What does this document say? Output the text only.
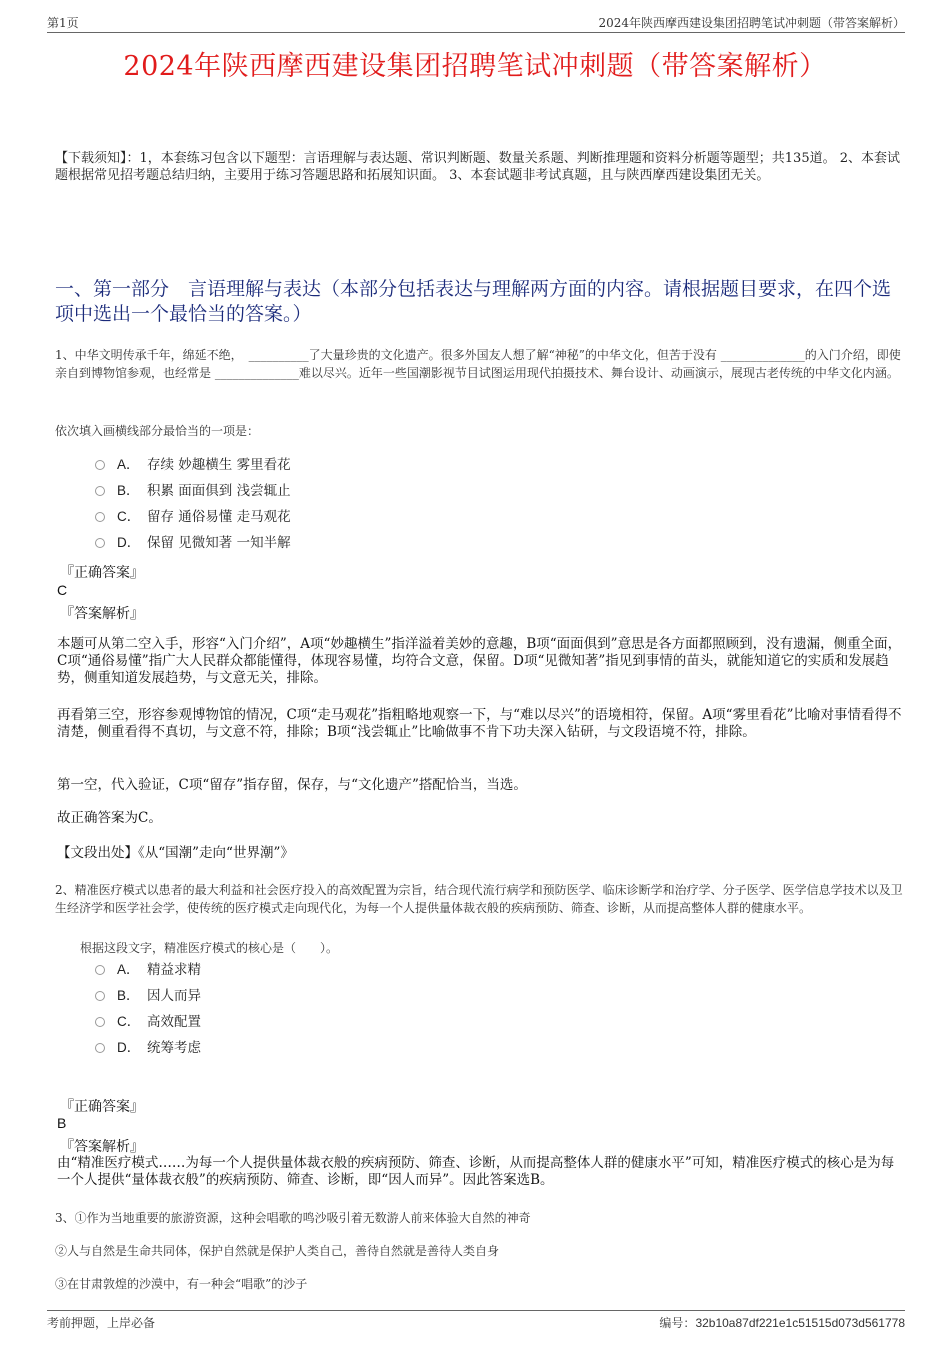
第1页	2024年陕西摩西建设集团招聘笔试冲刺题（带答案解析）
2024年陕西摩西建设集团招聘笔试冲刺题（带答案解析）
【下载须知】：1，本套练习包含以下题型：言语理解与表达题、常识判断题、数量关系题、判断推理题和资料分析题等题型；共135道。 2、本套试题根据常见招考题总结归纳，主要用于练习答题思路和拓展知识面。 3、本套试题非考试真题，且与陕西摩西建设集团无关。
一、第一部分　言语理解与表达（本部分包括表达与理解两方面的内容。请根据题目要求，在四个选项中选出一个最恰当的答案。）
1、中华文明传承千年，绵延不绝，　__________了大量珍贵的文化遗产。很多外国友人想了解“神秘”的中华文化，但苦于没有 ______________的入门介绍，即使亲自到博物馆参观，也经常是 ______________难以尽兴。近年一些国潮影视节目试图运用现代拍摄技术、舞台设计、动画演示，展现古老传统的中华文化内涵。
依次填入画横线部分最恰当的一项是：
A． 存续 妙趣横生 雾里看花
B． 积累 面面俱到 浅尝辄止
C． 留存 通俗易懂 走马观花
D． 保留 见微知著 一知半解
『正确答案』
C
『答案解析』
本题可从第二空入手，形容“入门介绍”，A项“妙趣横生”指洋溢着美妙的意趣，B项“面面俱到”意思是各方面都照顾到，没有遗漏，侧重全面，C项“通俗易懂”指广大人民群众都能懂得，体现容易懂，均符合文意，保留。D项“见微知著”指见到事情的苗头，就能知道它的实质和发展趋势，侧重知道发展趋势，与文意无关，排除。
再看第三空，形容参观博物馆的情况，C项“走马观花”指粗略地观察一下，与“难以尽兴”的语境相符，保留。A项“雾里看花”比喻对事情看得不清楚，侧重看得不真切，与文意不符，排除；B项“浅尝辄止”比喻做事不肯下功夫深入钻研，与文段语境不符，排除。
第一空，代入验证，C项“留存”指存留，保存，与“文化遗产”搭配恰当，当选。
故正确答案为C。
【文段出处】《从“国潮”走向“世界潮”》
2、精准医疗模式以患者的最大利益和社会医疗投入的高效配置为宗旨，结合现代流行病学和预防医学、临床诊断学和治疗学、分子医学、医学信息学技术以及卫生经济学和医学社会学，使传统的医疗模式走向现代化，为每一个人提供量体裁衣般的疾病预防、筛查、诊断，从而提高整体人群的健康水平。
根据这段文字，精准医疗模式的核心是（　　）。
A． 精益求精
B． 因人而异
C． 高效配置
D． 统筹考虑
『正确答案』
B
『答案解析』
由“精准医疗模式……为每一个人提供量体裁衣般的疾病预防、筛查、诊断，从而提高整体人群的健康水平”可知，精准医疗模式的核心是为每一个人提供“量体裁衣般”的疾病预防、筛查、诊断，即“因人而异”。因此答案选B。
3、①作为当地重要的旅游资源，这种会唱歌的鸣沙吸引着无数游人前来体验大自然的神奇
②人与自然是生命共同体，保护自然就是保护人类自己，善待自然就是善待人类自身
③在甘肃敦煌的沙漠中，有一种会“唱歌”的沙子
考前押题，上岸必备	编号：32b10a87df221e1c51515d073d561778
